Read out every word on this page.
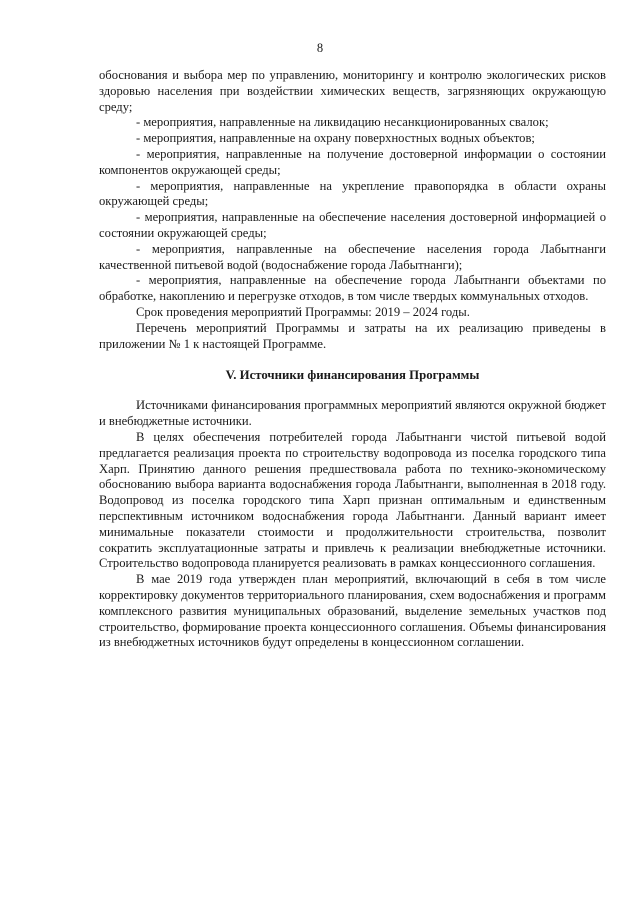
8

обоснования и выбора мер по управлению, мониторингу и контролю экологических рисков здоровью населения при воздействии химических веществ, загрязняющих окружающую среду;

- мероприятия, направленные на ликвидацию несанкционированных свалок;

- мероприятия, направленные на охрану поверхностных водных объектов;

- мероприятия, направленные на получение достоверной информации о состоянии компонентов окружающей среды;

- мероприятия, направленные на укрепление правопорядка в области охраны окружающей среды;

- мероприятия, направленные на обеспечение населения достоверной информацией о состоянии окружающей среды;

- мероприятия, направленные на обеспечение населения города Лабытнанги качественной питьевой водой (водоснабжение города Лабытнанги);

- мероприятия, направленные на обеспечение города Лабытнанги объектами по обработке, накоплению и перегрузке отходов, в том числе твердых коммунальных отходов.

Срок проведения мероприятий Программы: 2019 – 2024 годы.

Перечень мероприятий Программы и затраты на их реализацию приведены в приложении № 1 к настоящей Программе.

V. Источники финансирования Программы

Источниками финансирования программных мероприятий являются окружной бюджет и внебюджетные источники.

В целях обеспечения потребителей города Лабытнанги чистой питьевой водой предлагается реализация проекта по строительству водопровода из поселка городского типа Харп. Принятию данного решения предшествовала работа по технико-экономическому обоснованию выбора варианта водоснабжения города Лабытнанги, выполненная в 2018 году. Водопровод из поселка городского типа Харп признан оптимальным и единственным перспективным источником водоснабжения города Лабытнанги. Данный вариант имеет минимальные показатели стоимости и продолжительности строительства, позволит сократить эксплуатационные затраты и привлечь к реализации внебюджетные источники. Строительство водопровода планируется реализовать в рамках концессионного соглашения.

В мае 2019 года утвержден план мероприятий, включающий в себя в том числе корректировку документов территориального планирования, схем водоснабжения и программ комплексного развития муниципальных образований, выделение земельных участков под строительство, формирование проекта концессионного соглашения. Объемы финансирования из внебюджетных источников будут определены в концессионном соглашении.
